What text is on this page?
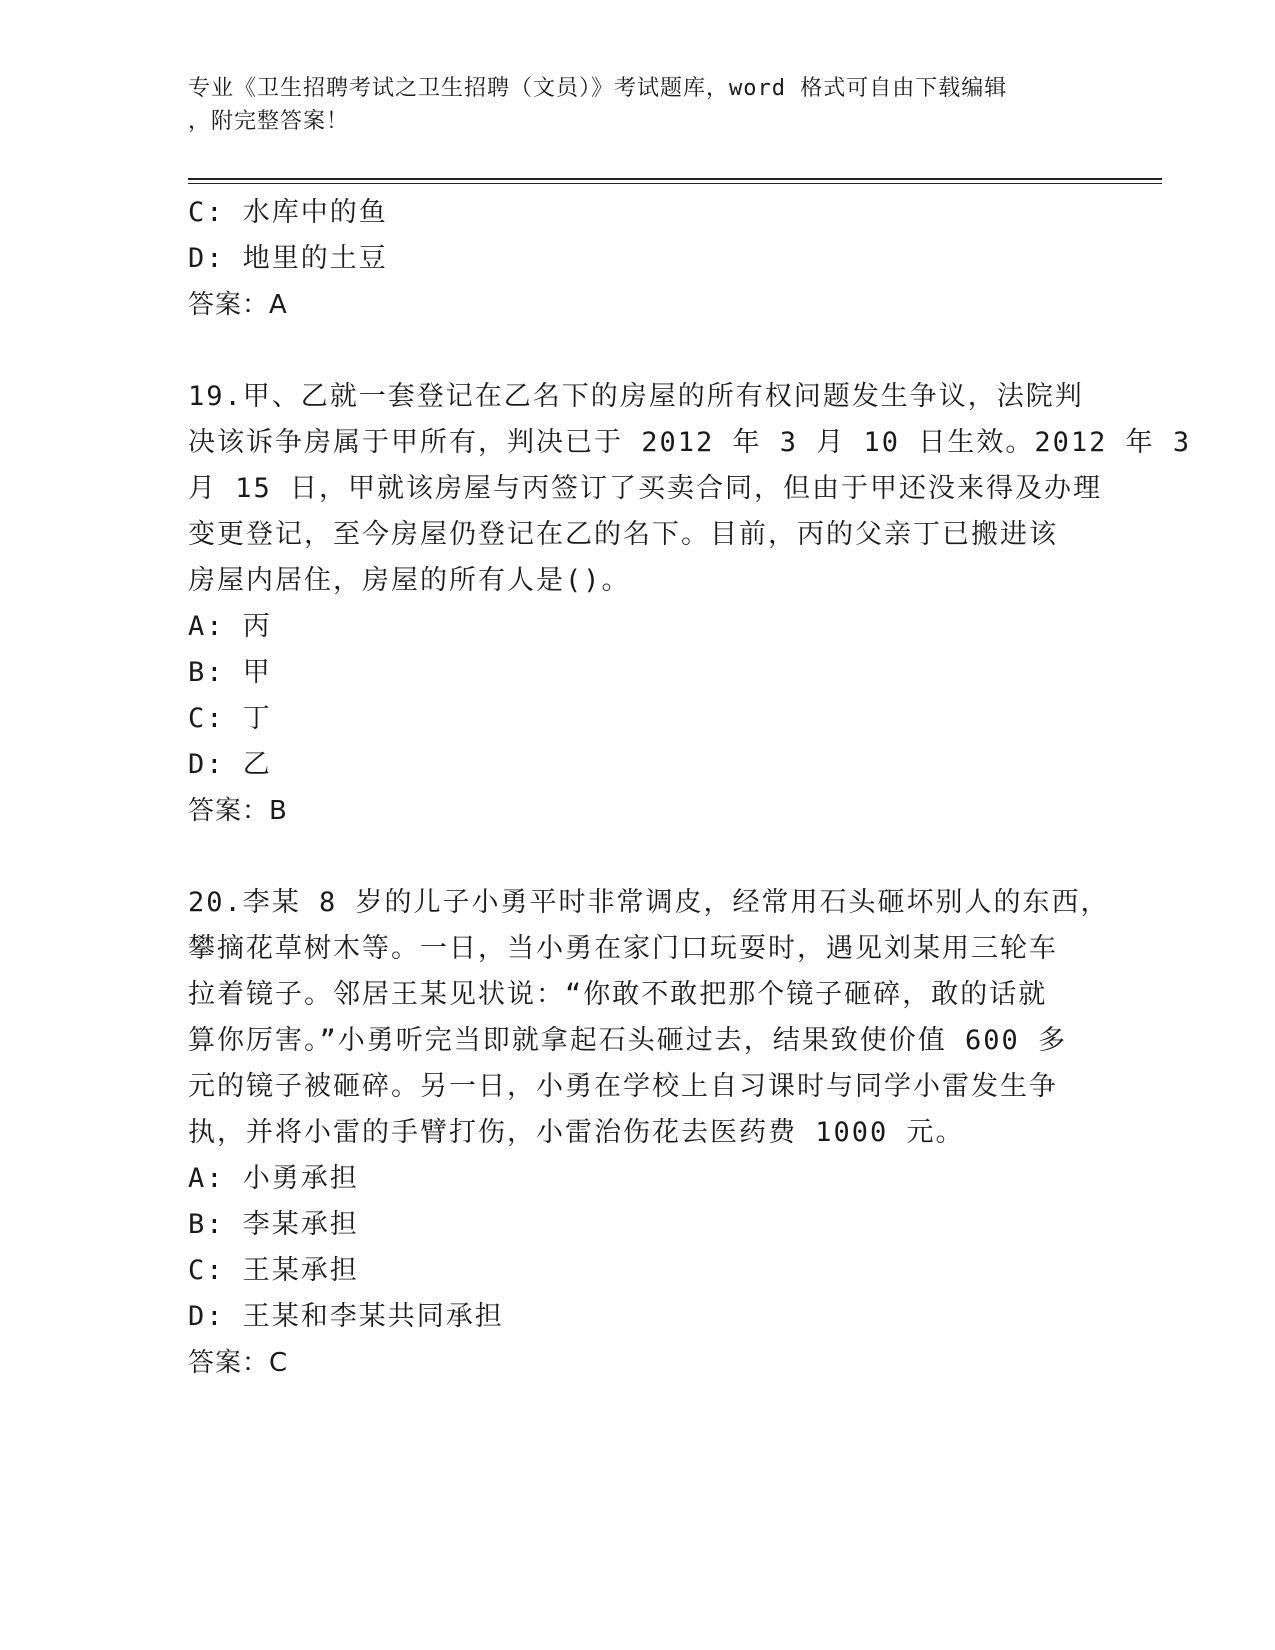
专业《卫生招聘考试之卫生招聘（文员）》考试题库，word 格式可自由下载编辑
，附完整答案！
C: 水库中的鱼
D: 地里的土豆
答案：A
19.甲、乙就一套登记在乙名下的房屋的所有权问题发生争议，法院判
决该诉争房属于甲所有，判决已于 2012 年 3 月 10 日生效。2012 年 3
月 15 日，甲就该房屋与丙签订了买卖合同，但由于甲还没来得及办理
变更登记，至今房屋仍登记在乙的名下。目前，丙的父亲丁已搬进该
房屋内居住，房屋的所有人是()。
A: 丙
B: 甲
C: 丁
D: 乙
答案：B
20.李某 8 岁的儿子小勇平时非常调皮，经常用石头砸坏别人的东西，
攀摘花草树木等。一日，当小勇在家门口玩耍时，遇见刘某用三轮车
拉着镜子。邻居王某见状说：“你敢不敢把那个镜子砸碎，敢的话就
算你厉害。”小勇听完当即就拿起石头砸过去，结果致使价值 600 多
元的镜子被砸碎。另一日，小勇在学校上自习课时与同学小雷发生争
执，并将小雷的手臂打伤，小雷治伤花去医药费 1000 元。
A: 小勇承担
B: 李某承担
C: 王某承担
D: 王某和李某共同承担
答案：C
